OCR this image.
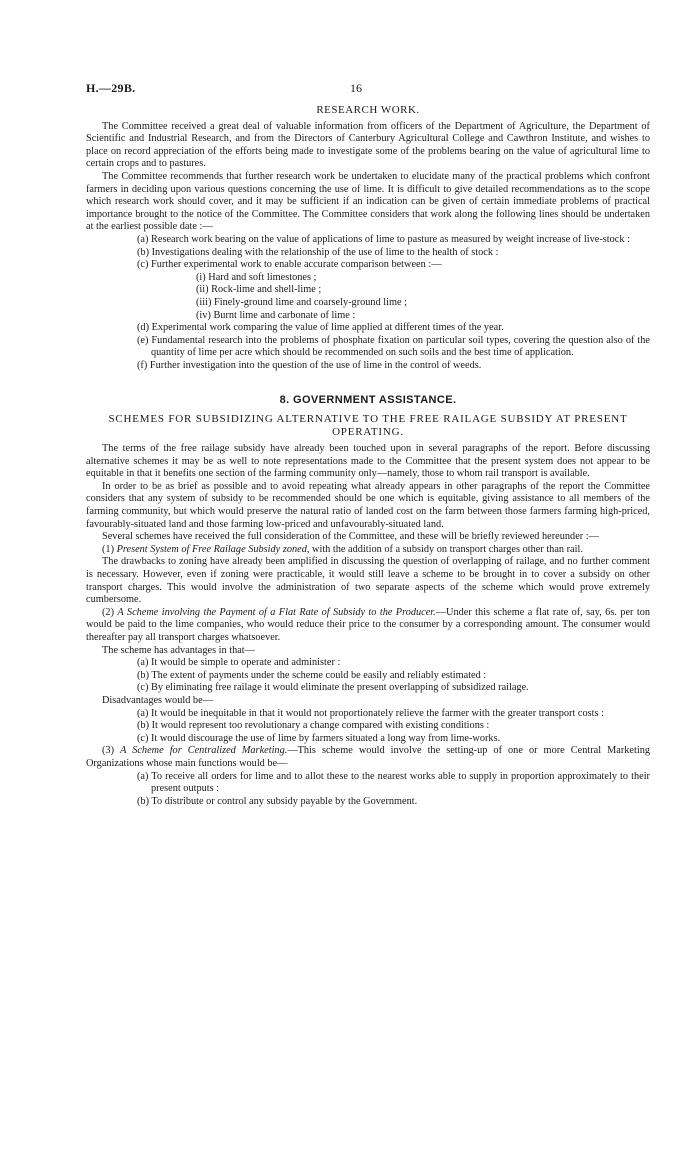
H.—29B.	16
RESEARCH WORK.

The Committee received a great deal of valuable information from officers of the Department of Agriculture, the Department of Scientific and Industrial Research, and from the Directors of Canterbury Agricultural College and Cawthron Institute, and wishes to place on record appreciation of the efforts being made to investigate some of the problems bearing on the value of agricultural lime to certain crops and to pastures.

The Committee recommends that further research work be undertaken to elucidate many of the practical problems which confront farmers in deciding upon various questions concerning the use of lime. It is difficult to give detailed recommendations as to the scope which research work should cover, and it may be sufficient if an indication can be given of certain immediate problems of practical importance brought to the notice of the Committee. The Committee considers that work along the following lines should be undertaken at the earliest possible date :—

(a) Research work bearing on the value of applications of lime to pasture as measured by weight increase of live-stock :
(b) Investigations dealing with the relationship of the use of lime to the health of stock :
(c) Further experimental work to enable accurate comparison between :—
(i) Hard and soft limestones ;
(ii) Rock-lime and shell-lime ;
(iii) Finely-ground lime and coarsely-ground lime ;
(iv) Burnt lime and carbonate of lime :
(d) Experimental work comparing the value of lime applied at different times of the year.
(e) Fundamental research into the problems of phosphate fixation on particular soil types, covering the question also of the quantity of lime per acre which should be recommended on such soils and the best time of application.
(f) Further investigation into the question of the use of lime in the control of weeds.
8. GOVERNMENT ASSISTANCE.
SCHEMES FOR SUBSIDIZING ALTERNATIVE TO THE FREE RAILAGE SUBSIDY AT PRESENT OPERATING.

The terms of the free railage subsidy have already been touched upon in several paragraphs of the report. Before discussing alternative schemes it may be as well to note representations made to the Committee that the present system does not appear to be equitable in that it benefits one section of the farming community only—namely, those to whom rail transport is available.

In order to be as brief as possible and to avoid repeating what already appears in other paragraphs of the report the Committee considers that any system of subsidy to be recommended should be one which is equitable, giving assistance to all members of the farming community, but which would preserve the natural ratio of landed cost on the farm between those farmers farming high-priced, favourably-situated land and those farming low-priced and unfavourably-situated land.

Several schemes have received the full consideration of the Committee, and these will be briefly reviewed hereunder :—

(1) Present System of Free Railage Subsidy zoned, with the addition of a subsidy on transport charges other than rail.

The drawbacks to zoning have already been amplified in discussing the question of overlapping of railage, and no further comment is necessary. However, even if zoning were practicable, it would still leave a scheme to be brought in to cover a subsidy on other transport charges. This would involve the administration of two separate aspects of the scheme which would prove extremely cumbersome.

(2) A Scheme involving the Payment of a Flat Rate of Subsidy to the Producer.—Under this scheme a flat rate of, say, 6s. per ton would be paid to the lime companies, who would reduce their price to the consumer by a corresponding amount. The consumer would thereafter pay all transport charges whatsoever.

The scheme has advantages in that—
(a) It would be simple to operate and administer :
(b) The extent of payments under the scheme could be easily and reliably estimated :
(c) By eliminating free railage it would eliminate the present overlapping of subsidized railage.
Disadvantages would be—
(a) It would be inequitable in that it would not proportionately relieve the farmer with the greater transport costs :
(b) It would represent too revolutionary a change compared with existing conditions :
(c) It would discourage the use of lime by farmers situated a long way from lime-works.

(3) A Scheme for Centralized Marketing.—This scheme would involve the setting-up of one or more Central Marketing Organizations whose main functions would be—

(a) To receive all orders for lime and to allot these to the nearest works able to supply in proportion approximately to their present outputs :
(b) To distribute or control any subsidy payable by the Government.
